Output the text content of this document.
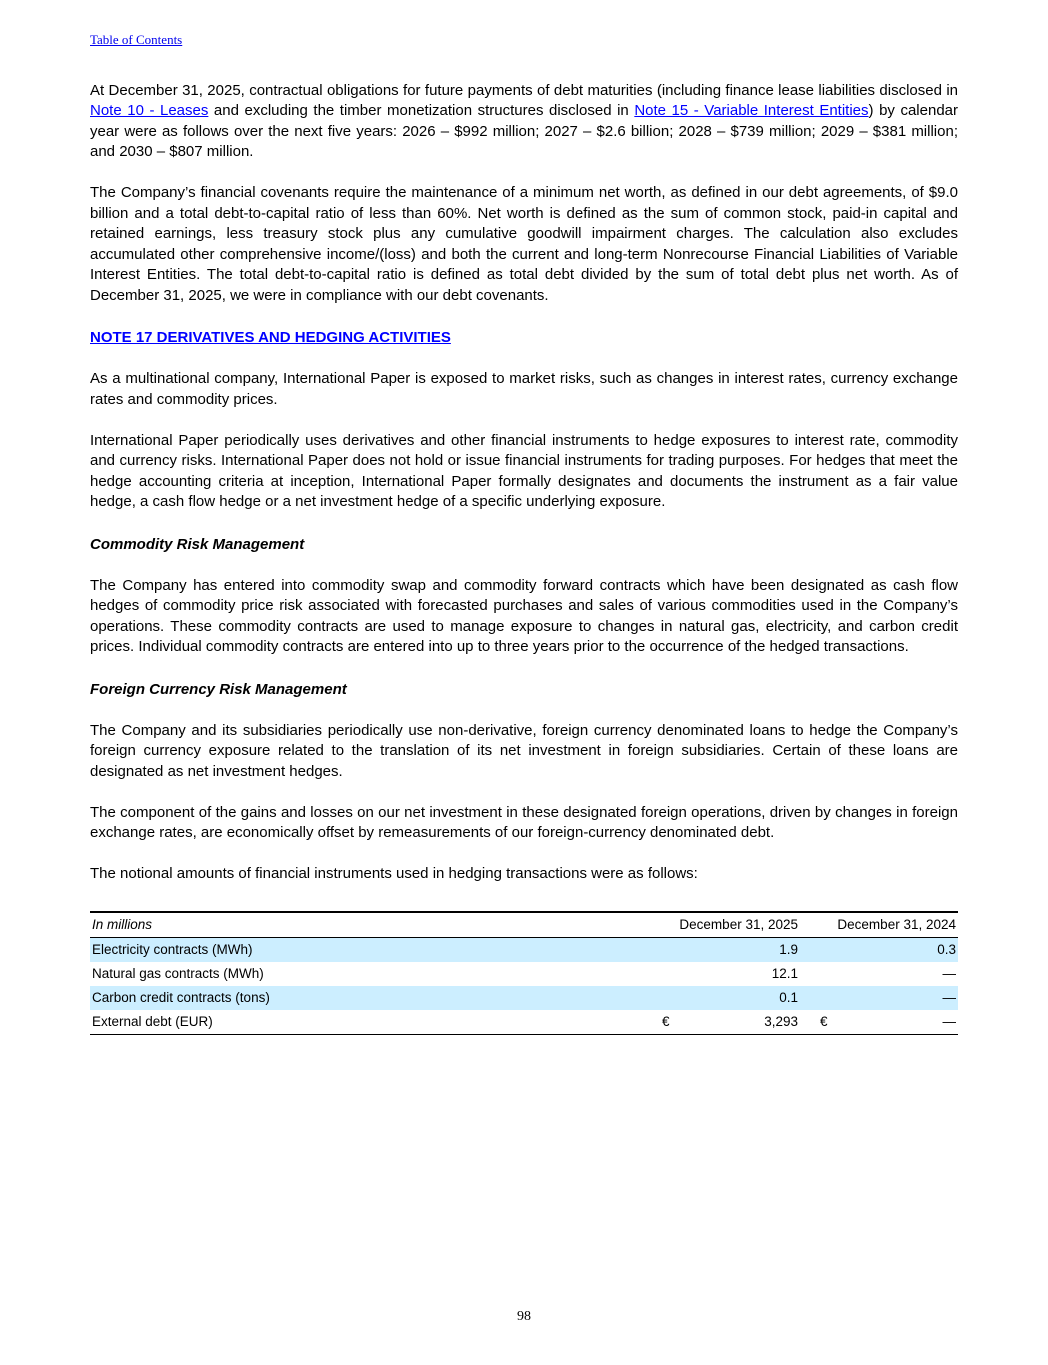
Table of Contents

At December 31, 2025, contractual obligations for future payments of debt maturities (including finance lease liabilities disclosed in Note 10 - Leases and excluding the timber monetization structures disclosed in Note 15 - Variable Interest Entities) by calendar year were as follows over the next five years: 2026 – $992 million; 2027 – $2.6 billion; 2028 – $739 million; 2029 – $381 million; and 2030 – $807 million.

The Company’s financial covenants require the maintenance of a minimum net worth, as defined in our debt agreements, of $9.0 billion and a total debt-to-capital ratio of less than 60%. Net worth is defined as the sum of common stock, paid-in capital and retained earnings, less treasury stock plus any cumulative goodwill impairment charges. The calculation also excludes accumulated other comprehensive income/(loss) and both the current and long-term Nonrecourse Financial Liabilities of Variable Interest Entities. The total debt-to-capital ratio is defined as total debt divided by the sum of total debt plus net worth. As of December 31, 2025, we were in compliance with our debt covenants.

NOTE 17 DERIVATIVES AND HEDGING ACTIVITIES

As a multinational company, International Paper is exposed to market risks, such as changes in interest rates, currency exchange rates and commodity prices.

International Paper periodically uses derivatives and other financial instruments to hedge exposures to interest rate, commodity and currency risks. International Paper does not hold or issue financial instruments for trading purposes. For hedges that meet the hedge accounting criteria at inception, International Paper formally designates and documents the instrument as a fair value hedge, a cash flow hedge or a net investment hedge of a specific underlying exposure.

Commodity Risk Management

The Company has entered into commodity swap and commodity forward contracts which have been designated as cash flow hedges of commodity price risk associated with forecasted purchases and sales of various commodities used in the Company’s operations. These commodity contracts are used to manage exposure to changes in natural gas, electricity, and carbon credit prices. Individual commodity contracts are entered into up to three years prior to the occurrence of the hedged transactions.

Foreign Currency Risk Management

The Company and its subsidiaries periodically use non-derivative, foreign currency denominated loans to hedge the Company’s foreign currency exposure related to the translation of its net investment in foreign subsidiaries. Certain of these loans are designated as net investment hedges.

The component of the gains and losses on our net investment in these designated foreign operations, driven by changes in foreign exchange rates, are economically offset by remeasurements of our foreign-currency denominated debt.

The notional amounts of financial instruments used in hedging transactions were as follows:

In millions	December 31, 2025			December 31, 2024	
Electricity contracts (MWh)		1.9			0.3
Natural gas contracts (MWh)		12.1			—
Carbon credit contracts (tons)		0.1			—
External debt (EUR)	€	3,293		€	—
98
